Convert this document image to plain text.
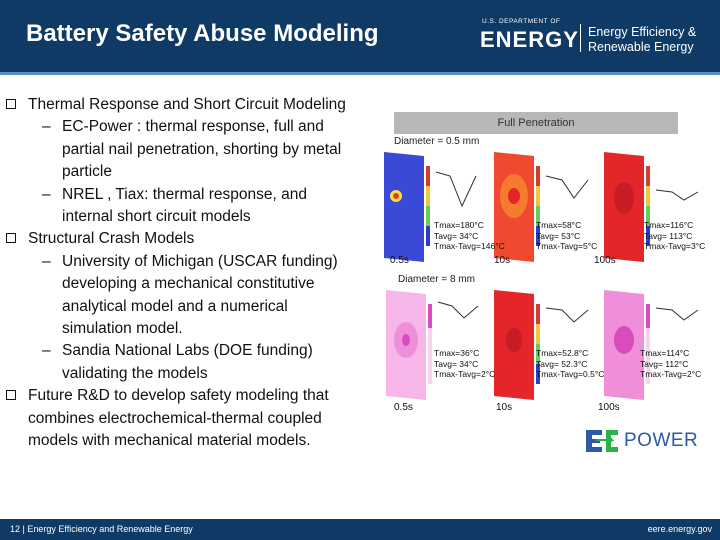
Battery Safety Abuse Modeling	U.S. DEPARTMENT OF
ENERGY Energy Efficiency &
Renewable Energy
Thermal Response and Short Circuit Modeling
– EC-Power : thermal response, full and partial nail penetration, shorting by metal particle
– NREL , Tiax: thermal response, and internal short circuit models
Structural Crash Models
– University of Michigan (USCAR funding) developing a mechanical constitutive analytical model and a numerical simulation model.
– Sandia National Labs (DOE funding) validating the models
Future R&D to develop safety modeling that combines electrochemical-thermal coupled models with mechanical material models.
Full Penetration
Diameter = 0.5 mm
Diameter = 8 mm
Tmax=180°C
Tavg= 34°C
Tmax-Tavg=146°C
Tmax=58°C
Tavg= 53°C
Tmax-Tavg=5°C
Tmax=116°C
Tavg= 113°C
Tmax-Tavg=3°C
0.5s	10s	100s
Tmax=36°C
Tavg= 34°C
Tmax-Tavg=2°C
Tmax=52.8°C
Tavg= 52.3°C
Tmax-Tavg=0.5°C
Tmax=114°C
Tavg= 112°C
Tmax-Tavg=2°C
0.5s	10s	100s
POWER
12 | Energy Efficiency and Renewable Energy	eere.energy.gov
